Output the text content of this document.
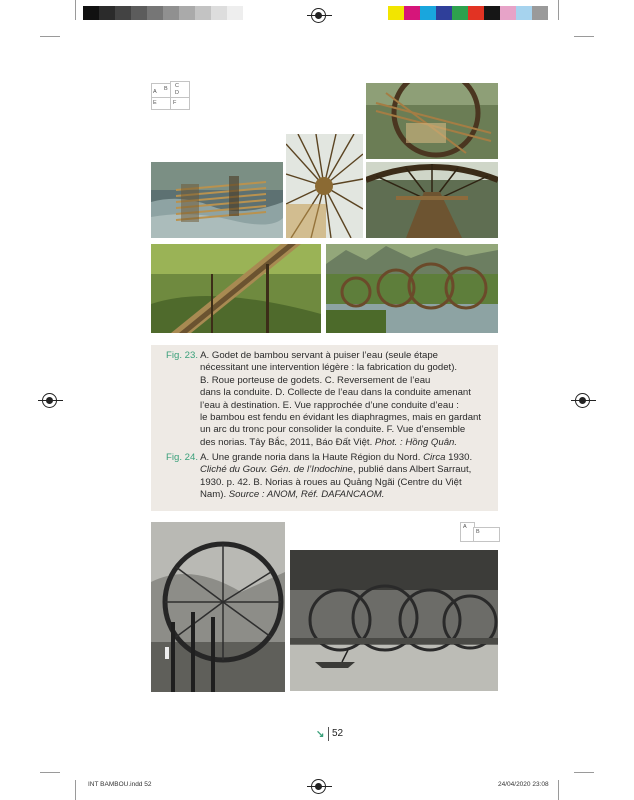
A B C
D
E	F
Fig. 23. A. Godet de bambou servant à puiser l’eau (seule étape
nécessitant une intervention légère : la fabrication du godet).
B. Roue porteuse de godets. C. Reversement de l’eau
dans la conduite. D. Collecte de l’eau dans la conduite amenant
l’eau à destination. E. Vue rapprochée d’une conduite d’eau :
le bambou est fendu en évidant les diaphragmes, mais en gardant
un arc du tronc pour consolider la conduite. F. Vue d’ensemble
des norias. Tây Bắc, 2011, Báo Đất Việt. Phot. : Hồng Quân.
Fig. 24. A. Une grande noria dans la Haute Région du Nord. Circa 1930.
Cliché du Gouv. Gén. de l’Indochine, publié dans Albert Sarraut,
1930. p. 42. B. Norias à roues au Quảng Ngãi (Centre du Việt
Nam). Source : ANOM, Réf. DAFANCAOM.
A
B
↘ 52
INT BAMBOU.indd 52	24/04/2020 23:08
